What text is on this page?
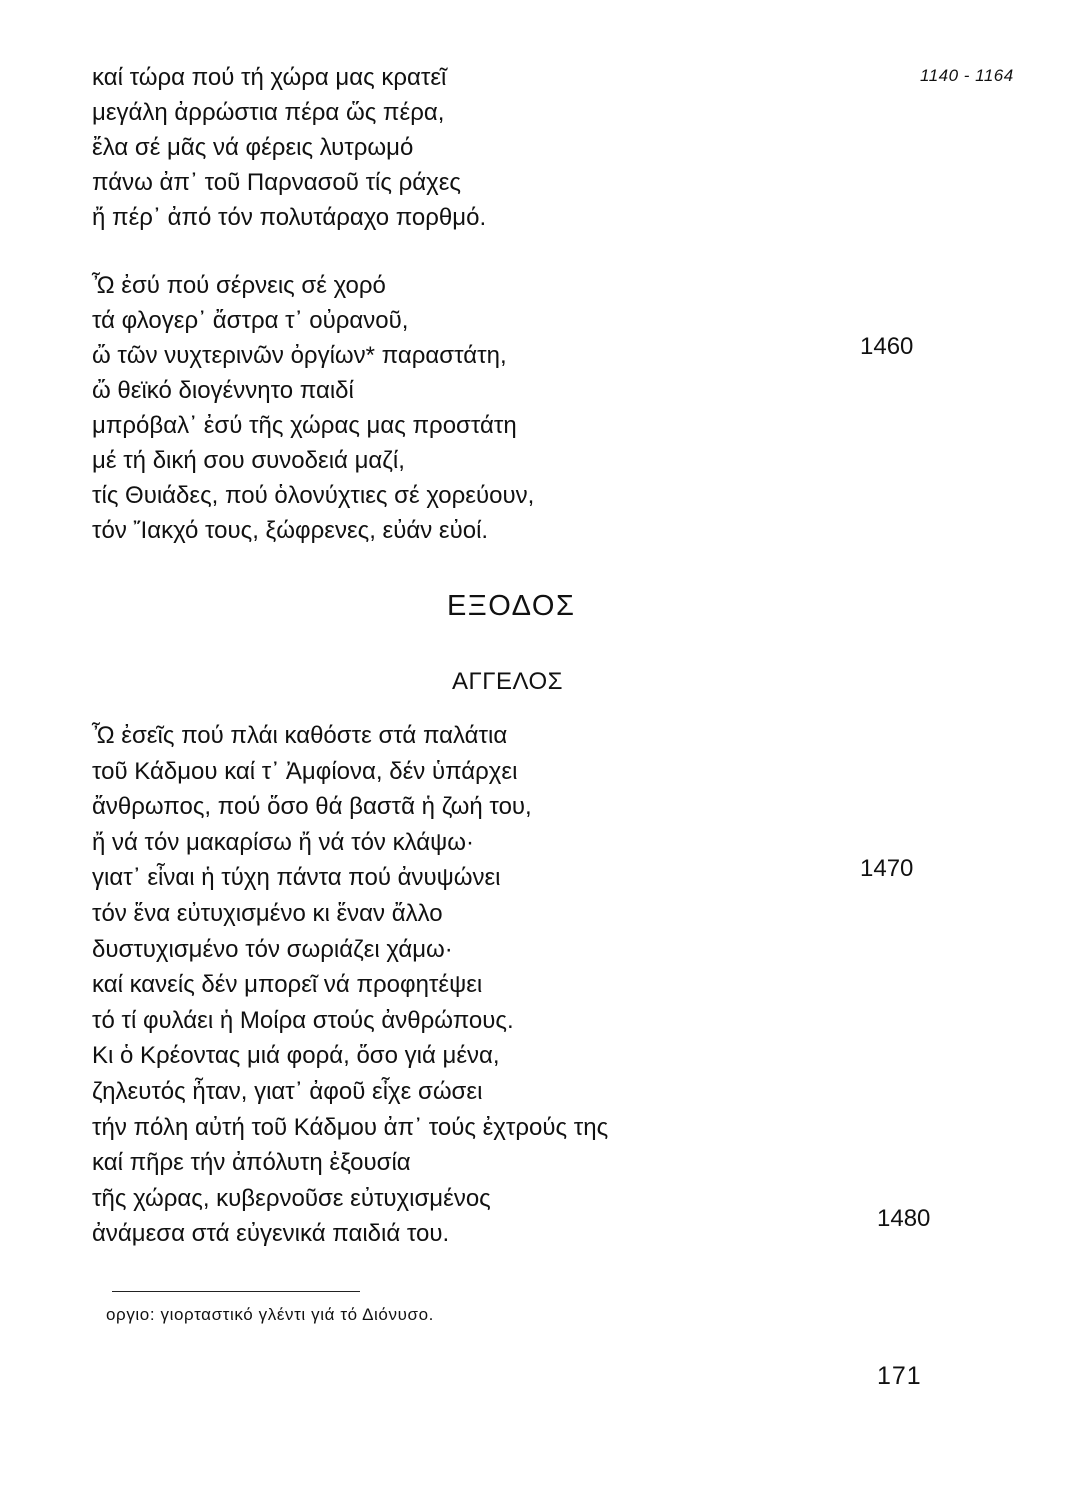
1140 - 1164
καί τώρα πού τή χώρα μας κρατεῖ
μεγάλη ἀρρώστια πέρα ὥς πέρα,
ἔλα σέ μᾶς νά φέρεις λυτρωμό
πάνω ἀπ᾿ τοῦ Παρνασοῦ τίς ράχες
ἤ πέρ᾿ ἀπό τόν πολυτάραχο πορθμό.
Ὦ ἐσύ πού σέρνεις σέ χορό
τά φλογερ᾿ ἄστρα τ᾿ οὐρανοῦ,
ὤ τῶν νυχτερινῶν ὀργίων* παραστάτη,
ὤ θεϊκό διογέννητο παιδί
μπρόβαλ᾿ ἐσύ τῆς χώρας μας προστάτη
μέ τή δική σου συνοδειά μαζί,
τίς Θυιάδες, πού ὁλονύχτιες σέ χορεύουν,
τόν Ἴακχό τους, ξώφρενες, εὐάν εὐοί.
1460
ΕΞΟΔΟΣ
ΑΓΓΕΛΟΣ
Ὦ ἐσεῖς πού πλάι καθόστε στά παλάτια
τοῦ Κάδμου καί τ᾿ Ἀμφίονα, δέν ὑπάρχει
ἄνθρωπος, πού ὅσο θά βαστᾶ ἡ ζωή του,
ἤ νά τόν μακαρίσω ἤ νά τόν κλάψω·
γιατ᾿ εἶναι ἡ τύχη πάντα πού ἀνυψώνει
τόν ἕνα εὐτυχισμένο κι ἕναν ἄλλο
δυστυχισμένο τόν σωριάζει χάμω·
καί κανείς δέν μπορεῖ νά προφητέψει
τό τί φυλάει ἡ Μοίρα στούς ἀνθρώπους.
Κι ὁ Κρέοντας μιά φορά, ὅσο γιά μένα,
ζηλευτός ἦταν, γιατ᾿ ἀφοῦ εἶχε σώσει
τήν πόλη αὐτή τοῦ Κάδμου ἀπ᾿ τούς ἐχτρούς της
καί πῆρε τήν ἀπόλυτη ἐξουσία
τῆς χώρας, κυβερνοῦσε εὐτυχισμένος
ἀνάμεσα στά εὐγενικά παιδιά του.
1470
1480
οργιο: γιορταστικό γλέντι γιά τό Διόνυσο.
171
